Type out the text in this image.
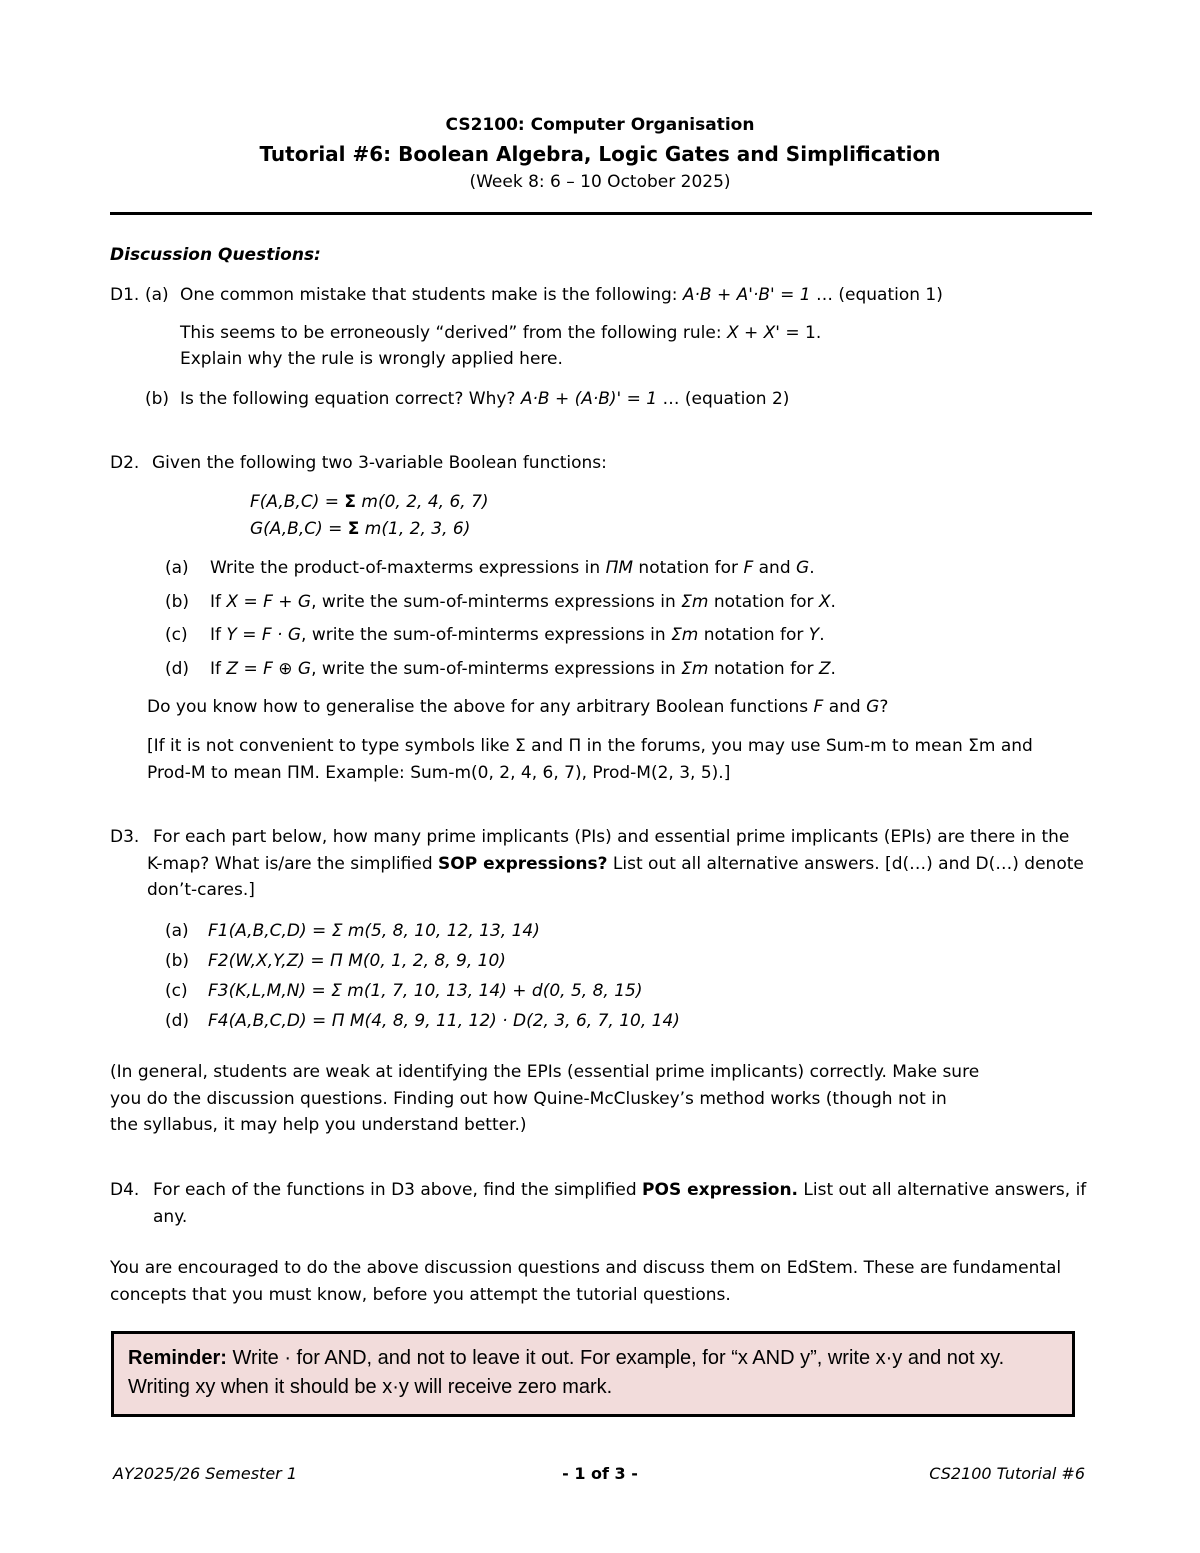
CS2100: Computer Organisation
Tutorial #6: Boolean Algebra, Logic Gates and Simplification
(Week 8: 6 – 10 October 2025)
Discussion Questions:
D1. (a) One common mistake that students make is the following: A·B + A'·B' = 1 … (equation 1)
This seems to be erroneously “derived” from the following rule: X + X' = 1.
Explain why the rule is wrongly applied here.
(b) Is the following equation correct? Why? A·B + (A·B)' = 1 … (equation 2)
D2. Given the following two 3-variable Boolean functions:
F(A,B,C) = Σ m(0, 2, 4, 6, 7)
G(A,B,C) = Σ m(1, 2, 3, 6)
(a) Write the product-of-maxterms expressions in ΠM notation for F and G.
(b) If X = F + G, write the sum-of-minterms expressions in Σm notation for X.
(c) If Y = F · G, write the sum-of-minterms expressions in Σm notation for Y.
(d) If Z = F ⊕ G, write the sum-of-minterms expressions in Σm notation for Z.
Do you know how to generalise the above for any arbitrary Boolean functions F and G?
[If it is not convenient to type symbols like Σ and Π in the forums, you may use Sum-m to mean Σm and
Prod-M to mean ΠM. Example: Sum-m(0, 2, 4, 6, 7), Prod-M(2, 3, 5).]
D3. For each part below, how many prime implicants (PIs) and essential prime implicants (EPIs) are there in the
K-map? What is/are the simplified SOP expressions? List out all alternative answers. [d(…) and D(…) denote
don’t-cares.]
(a) F1(A,B,C,D) = Σ m(5, 8, 10, 12, 13, 14)
(b) F2(W,X,Y,Z) = Π M(0, 1, 2, 8, 9, 10)
(c) F3(K,L,M,N) = Σ m(1, 7, 10, 13, 14) + d(0, 5, 8, 15)
(d) F4(A,B,C,D) = Π M(4, 8, 9, 11, 12) · D(2, 3, 6, 7, 10, 14)
(In general, students are weak at identifying the EPIs (essential prime implicants) correctly. Make sure
you do the discussion questions. Finding out how Quine-McCluskey’s method works (though not in
the syllabus, it may help you understand better.)
D4. For each of the functions in D3 above, find the simplified POS expression. List out all alternative answers, if
any.
You are encouraged to do the above discussion questions and discuss them on EdStem. These are fundamental
concepts that you must know, before you attempt the tutorial questions.
Reminder: Write · for AND, and not to leave it out. For example, for “x AND y”, write x·y and not xy. Writing xy when it should be x·y will receive zero mark.
AY2025/26 Semester 1	- 1 of 3 -	CS2100 Tutorial #6
